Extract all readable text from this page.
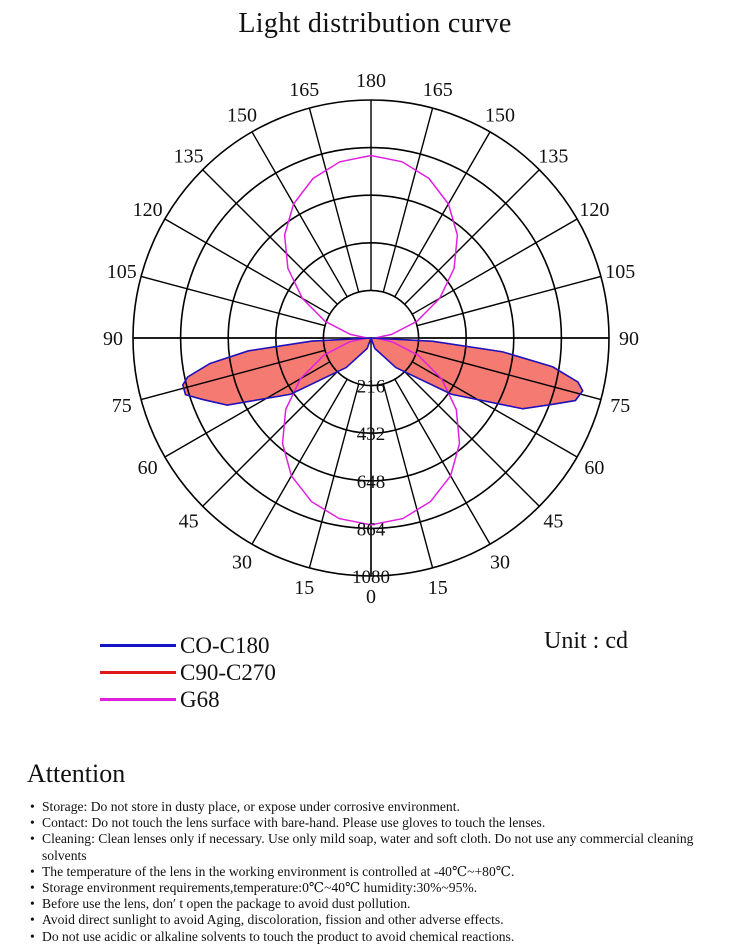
Light distribution curve
180
165
150
135
120
105
90
75
60
45
30
15	0
165
150
135
120
105
90
75
60
45
30
15
216
432
648
864
1080
CO-C180
C90-C270
G68
Unit : cd
Attention
• Storage: Do not store in dusty place, or expose under corrosive environment.
• Contact: Do not touch the lens surface with bare-hand. Please use gloves to touch the lenses.
• Cleaning: Clean lenses only if necessary. Use only mild soap, water and soft cloth. Do not use any commercial cleaning solvents
• The temperature of the lens in the working environment is controlled at -40℃~+80℃.
• Storage environment requirements,temperature:0℃~40℃ humidity:30%~95%.
• Before use the lens, don′ t open the package to avoid dust pollution.
• Avoid direct sunlight to avoid Aging, discoloration, fission and other adverse effects.
• Do not use acidic or alkaline solvents to touch the product to avoid chemical reactions.
